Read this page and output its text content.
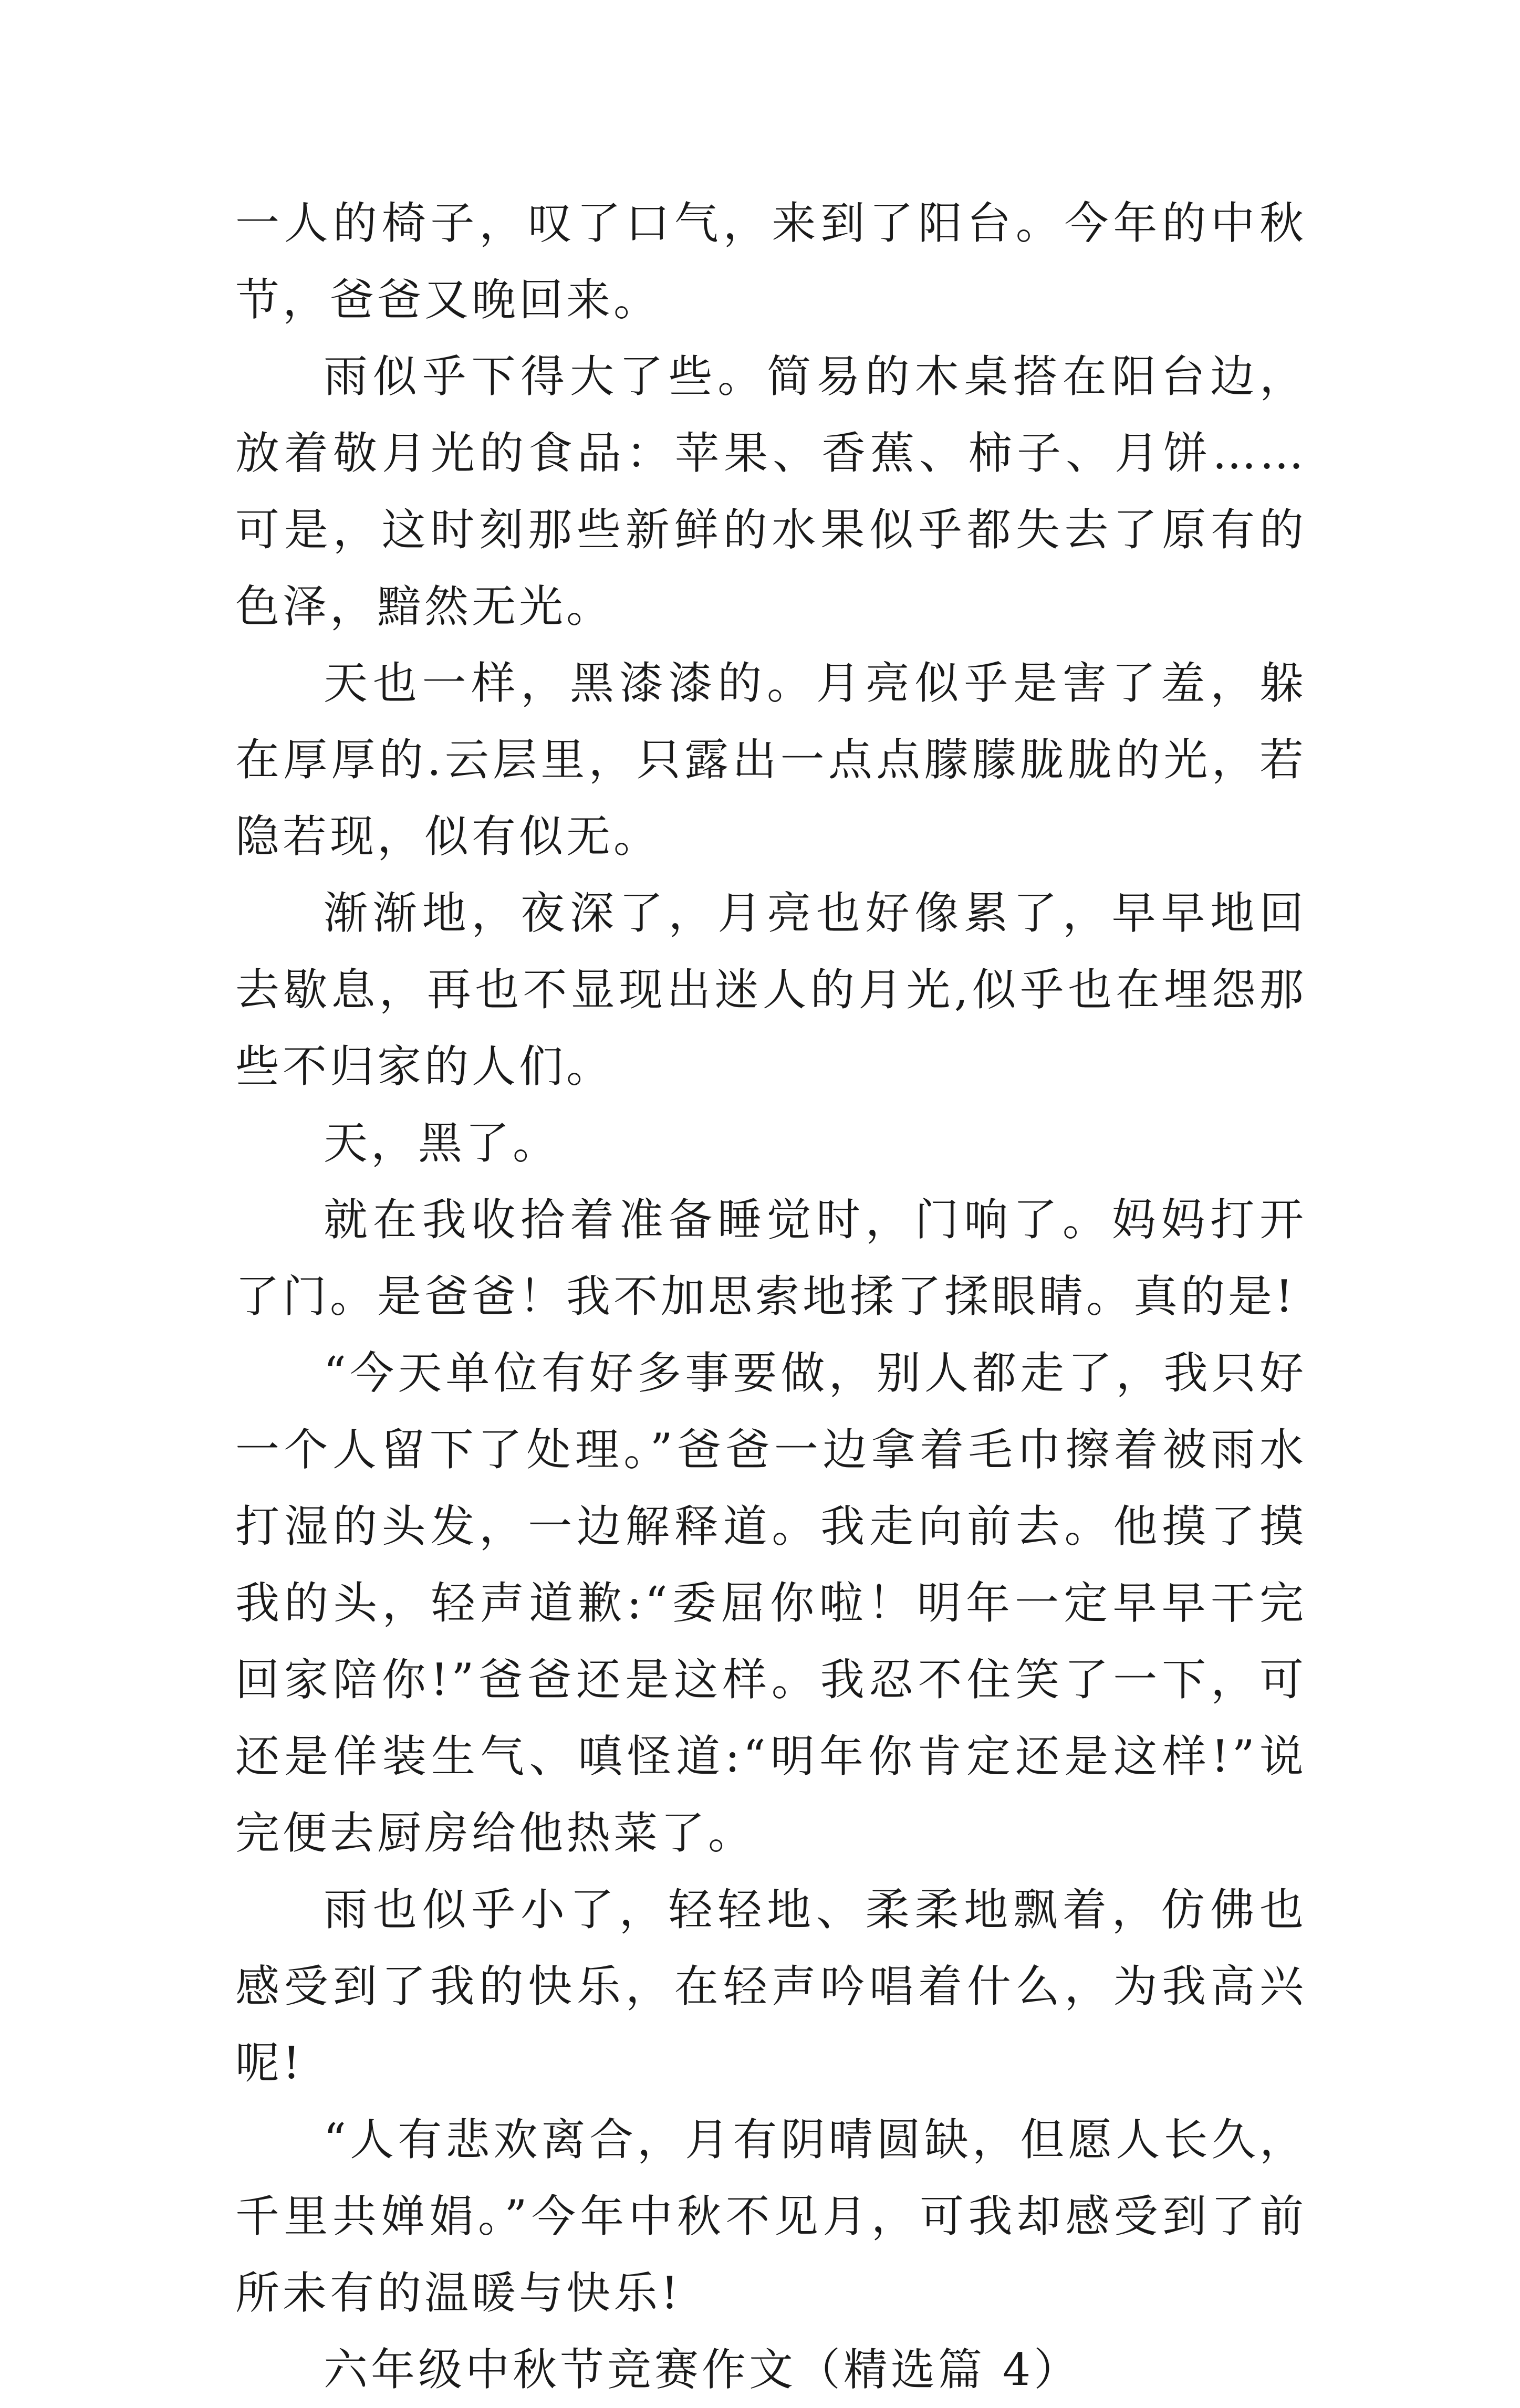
一人的椅子，叹了口气，来到了阳台。今年的中秋节，爸爸又晚回来。

雨似乎下得大了些。简易的木桌搭在阳台边，放着敬月光的食品：苹果、香蕉、柿子、月饼……可是，这时刻那些新鲜的水果似乎都失去了原有的色泽，黯然无光。

天也一样，黑漆漆的。月亮似乎是害了羞，躲在厚厚的.云层里，只露出一点点朦朦胧胧的光，若隐若现，似有似无。

渐渐地，夜深了，月亮也好像累了，早早地回去歇息，再也不显现出迷人的月光,似乎也在埋怨那些不归家的人们。

天，黑了。

就在我收拾着准备睡觉时，门响了。妈妈打开了门。是爸爸！我不加思索地揉了揉眼睛。真的是!

“今天单位有好多事要做，别人都走了，我只好一个人留下了处理。”爸爸一边拿着毛巾擦着被雨水打湿的头发，一边解释道。我走向前去。他摸了摸我的头，轻声道歉:“委屈你啦！明年一定早早干完回家陪你!”爸爸还是这样。我忍不住笑了一下，可还是佯装生气、嗔怪道:“明年你肯定还是这样!”说完便去厨房给他热菜了。

雨也似乎小了，轻轻地、柔柔地飘着，仿佛也感受到了我的快乐，在轻声吟唱着什么，为我高兴呢!

“人有悲欢离合，月有阴晴圆缺，但愿人长久，千里共婵娟。”今年中秋不见月，可我却感受到了前所未有的温暖与快乐!

六年级中秋节竞赛作文（精选篇 4）
